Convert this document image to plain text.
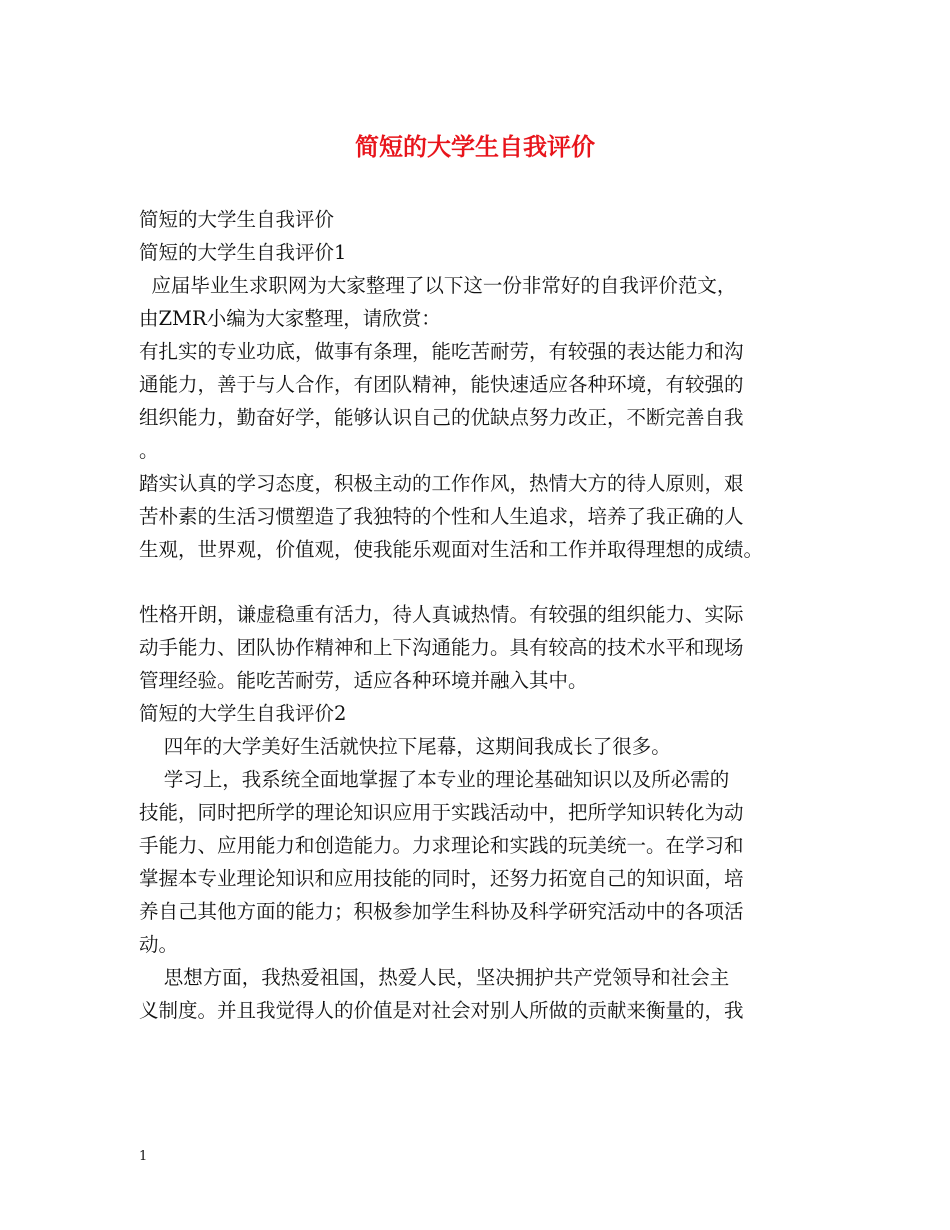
简短的大学生自我评价
简短的大学生自我评价
简短的大学生自我评价1
应届毕业生求职网为大家整理了以下这一份非常好的自我评价范文，
由ZMR小编为大家整理，请欣赏：
有扎实的专业功底，做事有条理，能吃苦耐劳，有较强的表达能力和沟
通能力，善于与人合作，有团队精神，能快速适应各种环境，有较强的
组织能力，勤奋好学，能够认识自己的优缺点努力改正，不断完善自我
。
踏实认真的学习态度，积极主动的工作作风，热情大方的待人原则，艰
苦朴素的生活习惯塑造了我独特的个性和人生追求，培养了我正确的人
生观，世界观，价值观，使我能乐观面对生活和工作并取得理想的成绩。
性格开朗，谦虚稳重有活力，待人真诚热情。有较强的组织能力、实际
动手能力、团队协作精神和上下沟通能力。具有较高的技术水平和现场
管理经验。能吃苦耐劳，适应各种环境并融入其中。
简短的大学生自我评价2
四年的大学美好生活就快拉下尾幕，这期间我成长了很多。
学习上，我系统全面地掌握了本专业的理论基础知识以及所必需的
技能，同时把所学的理论知识应用于实践活动中，把所学知识转化为动
手能力、应用能力和创造能力。力求理论和实践的玩美统一。在学习和
掌握本专业理论知识和应用技能的同时，还努力拓宽自己的知识面，培
养自己其他方面的能力；积极参加学生科协及科学研究活动中的各项活
动。
思想方面，我热爱祖国，热爱人民，坚决拥护共产党领导和社会主
义制度。并且我觉得人的价值是对社会对别人所做的贡献来衡量的，我
1
